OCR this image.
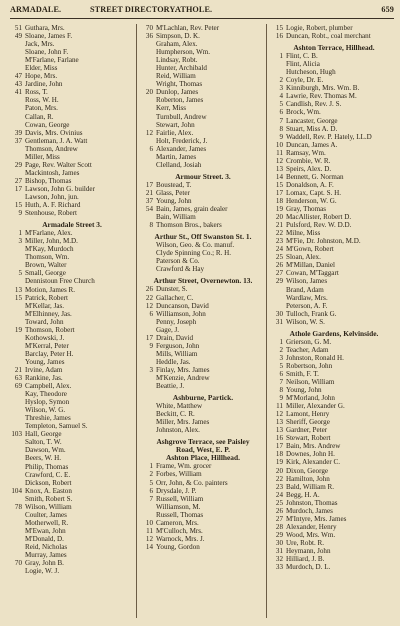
ARMADALE.	STREET DIRECTORY.
ATHOLE.	659
51 Guthara, Mrs.
49 Sloane, James F.
Jack, Mrs.
Sloane, John F.
M'Farlane, Farlane
Elder, Miss
47 Hope, Mrs.
43 Jardine, John
41 Ross, T.
Ross, W. H.
Paton, Mrs.
Callan, R.
Cowan, George
39 Davis, Mrs. Ovinius
37 Gentleman, J. A. Watt
Thomson, Andrew
Miller, Miss
29 Page, Rev. Walter Scott
Mackintosh, James
27 Bishop, Thomas
17 Lawson, John G. builder
Lawson, John, jun.
15 Huth, A. F. Richard
9 Stenhouse, Robert
Armadale Street 3.
1 M'Farlane, Alex.
3 Miller, John, M.D.
M'Kay, Murdoch
Thomson, Wm.
Brown, Walter
5 Small, George
Dennistoun Free Church
13 Motion, James R.
15 Patrick, Robert
M'Kellar, Jas.
M'Elhinney, Jas.
Toward, John
19 Thomson, Robert
Kothowski, J.
M'Kerral, Peter
Barclay, Peter H.
Young, James
21 Irvine, Adam
63 Rankine, Jas.
69 Campbell, Alex.
Kay, Theodore
Hyslop, Symon
Wilson, W. G.
Threshie, James
Templeton, Samuel S.
103 Hall, George
Salton, T. W.
Dawson, Wm.
Beers, W. H.
Philip, Thomas
Crawford, C. E.
Dickson, Robert
104 Knox, A. Easton
Smith, Robert S.
78 Wilson, William
Coulter, James
Motherwell, R.
M'Ewan, John
M'Donald, D.
Reid, Nicholas
Murray, James
70 Gray, John B.
Logie, W. J.
70 M'Lachlan, Rev. Peter
36 Simpson, D. K.
Graham, Alex.
Humpherson, Wm.
Lindsay, Robt.
Hunter, Archibald
Reid, William
Wright, Thomas
20 Dunlop, James
Roberton, James
Kerr, Miss
Turnbull, Andrew
Stewart, John
12 Fairlie, Alex.
Holt, Frederick, J.
6 Alexander, James
Martin, James
Clelland, Josiah
Armour Street. 3.
17 Boustead, T.
21 Glass, Peter
37 Young, John
54 Bain, James, grain dealer
Bain, William
8 Thomson Bros., bakers
Arthur St., Off Swanston St. 1.
Wilson, Geo. & Co. manuf.
Clyde Spinning Co.; R. H.
Paterson & Co.
Crawford & Hay
Arthur Street, Overnewton. 13.
26 Dunster, S.
22 Gallacher, C.
12 Duncanson, David
6 Williamson, John
Penny, Joseph
Gage, J.
17 Drain, David
9 Ferguson, John
Mills, William
Heddle, Jas.
3 Finlay, Mrs. James
M'Kenzie, Andrew
Beattie, J.
Ashburne, Partick.
White, Matthew
Beckitt, C. R.
Miller, Mrs. James
Johnston, Alex.
Ashgrove Terrace, see Paisley
Road, West, E. P.
Ashton Place, Hillhead.
1 Frame, Wm. grocer
2 Forbes, William
5 Orr, John, & Co. painters
6 Drysdale, J. P.
7 Russell, William
Williamson, M.
Russell, Thomas
10 Cameron, Mrs.
11 M'Culloch, Mrs.
12 Warnock, Mrs. J.
14 Young, Gordon
15 Logie, Robert, plumber
16 Duncan, Robt., coal merchant
Ashton Terrace, Hillhead.
1 Flint, C. B.
Flint, Alicia
Hutcheson, Hugh
2 Coyle, Dr. E.
3 Kinniburgh, Mrs. Wm. B.
4 Lawrie, Rev. Thomas M.
5 Candlish, Rev. J. S.
6 Brock, Wm.
7 Lancaster, George
8 Stuart, Miss A. D.
9 Waddell, Rev. P. Hately, LL.D
10 Duncan, James A.
11 Ramsay, Wm.
12 Crombie, W. R.
13 Speirs, Alex. D.
14 Bennett, G. Norman
15 Donaldson, A. F.
17 Lomax, Capt. S. H.
18 Henderson, W. G.
19 Gray, Thomas
20 MacAllister, Robert D.
21 Pulsford, Rev. W. D.D.
22 Milne, Miss
23 M'Fie, Dr. Johnston, M.D.
24 M'Gown, Robert
25 Sloan, Alex.
26 M'Millan, Daniel
27 Cowan, M'Taggart
29 Wilson, James
Brand, Adam
Wardlaw, Mrs.
Peterson, A. F.
30 Tulloch, Frank G.
31 Wilson, W. S.
Athole Gardens, Kelvinside.
1 Grierson, G. M.
2 Teacher, Adam
3 Johnston, Ronald H.
5 Robertson, John
6 Smith, F. T.
7 Neilson, William
8 Young, John
9 M'Morland, John
11 Miller, Alexander G.
12 Lamont, Henry
13 Sheriff, George
13 Gardner, Peter
16 Stewart, Robert
17 Bain, Mrs. Andrew
18 Downes, John H.
19 Kirk, Alexander C.
20 Dixon, George
22 Hamilton, John
23 Bald, William R.
24 Begg, H. A.
25 Johnston, Thomas
26 Murdoch, James
27 M'Intyre, Mrs. James
28 Alexander, Henry
29 Wood, Mrs. Wm.
30 Ure, Robt. R.
31 Heymann, John
32 Hilliard, J. B.
33 Murdoch, D. L.
